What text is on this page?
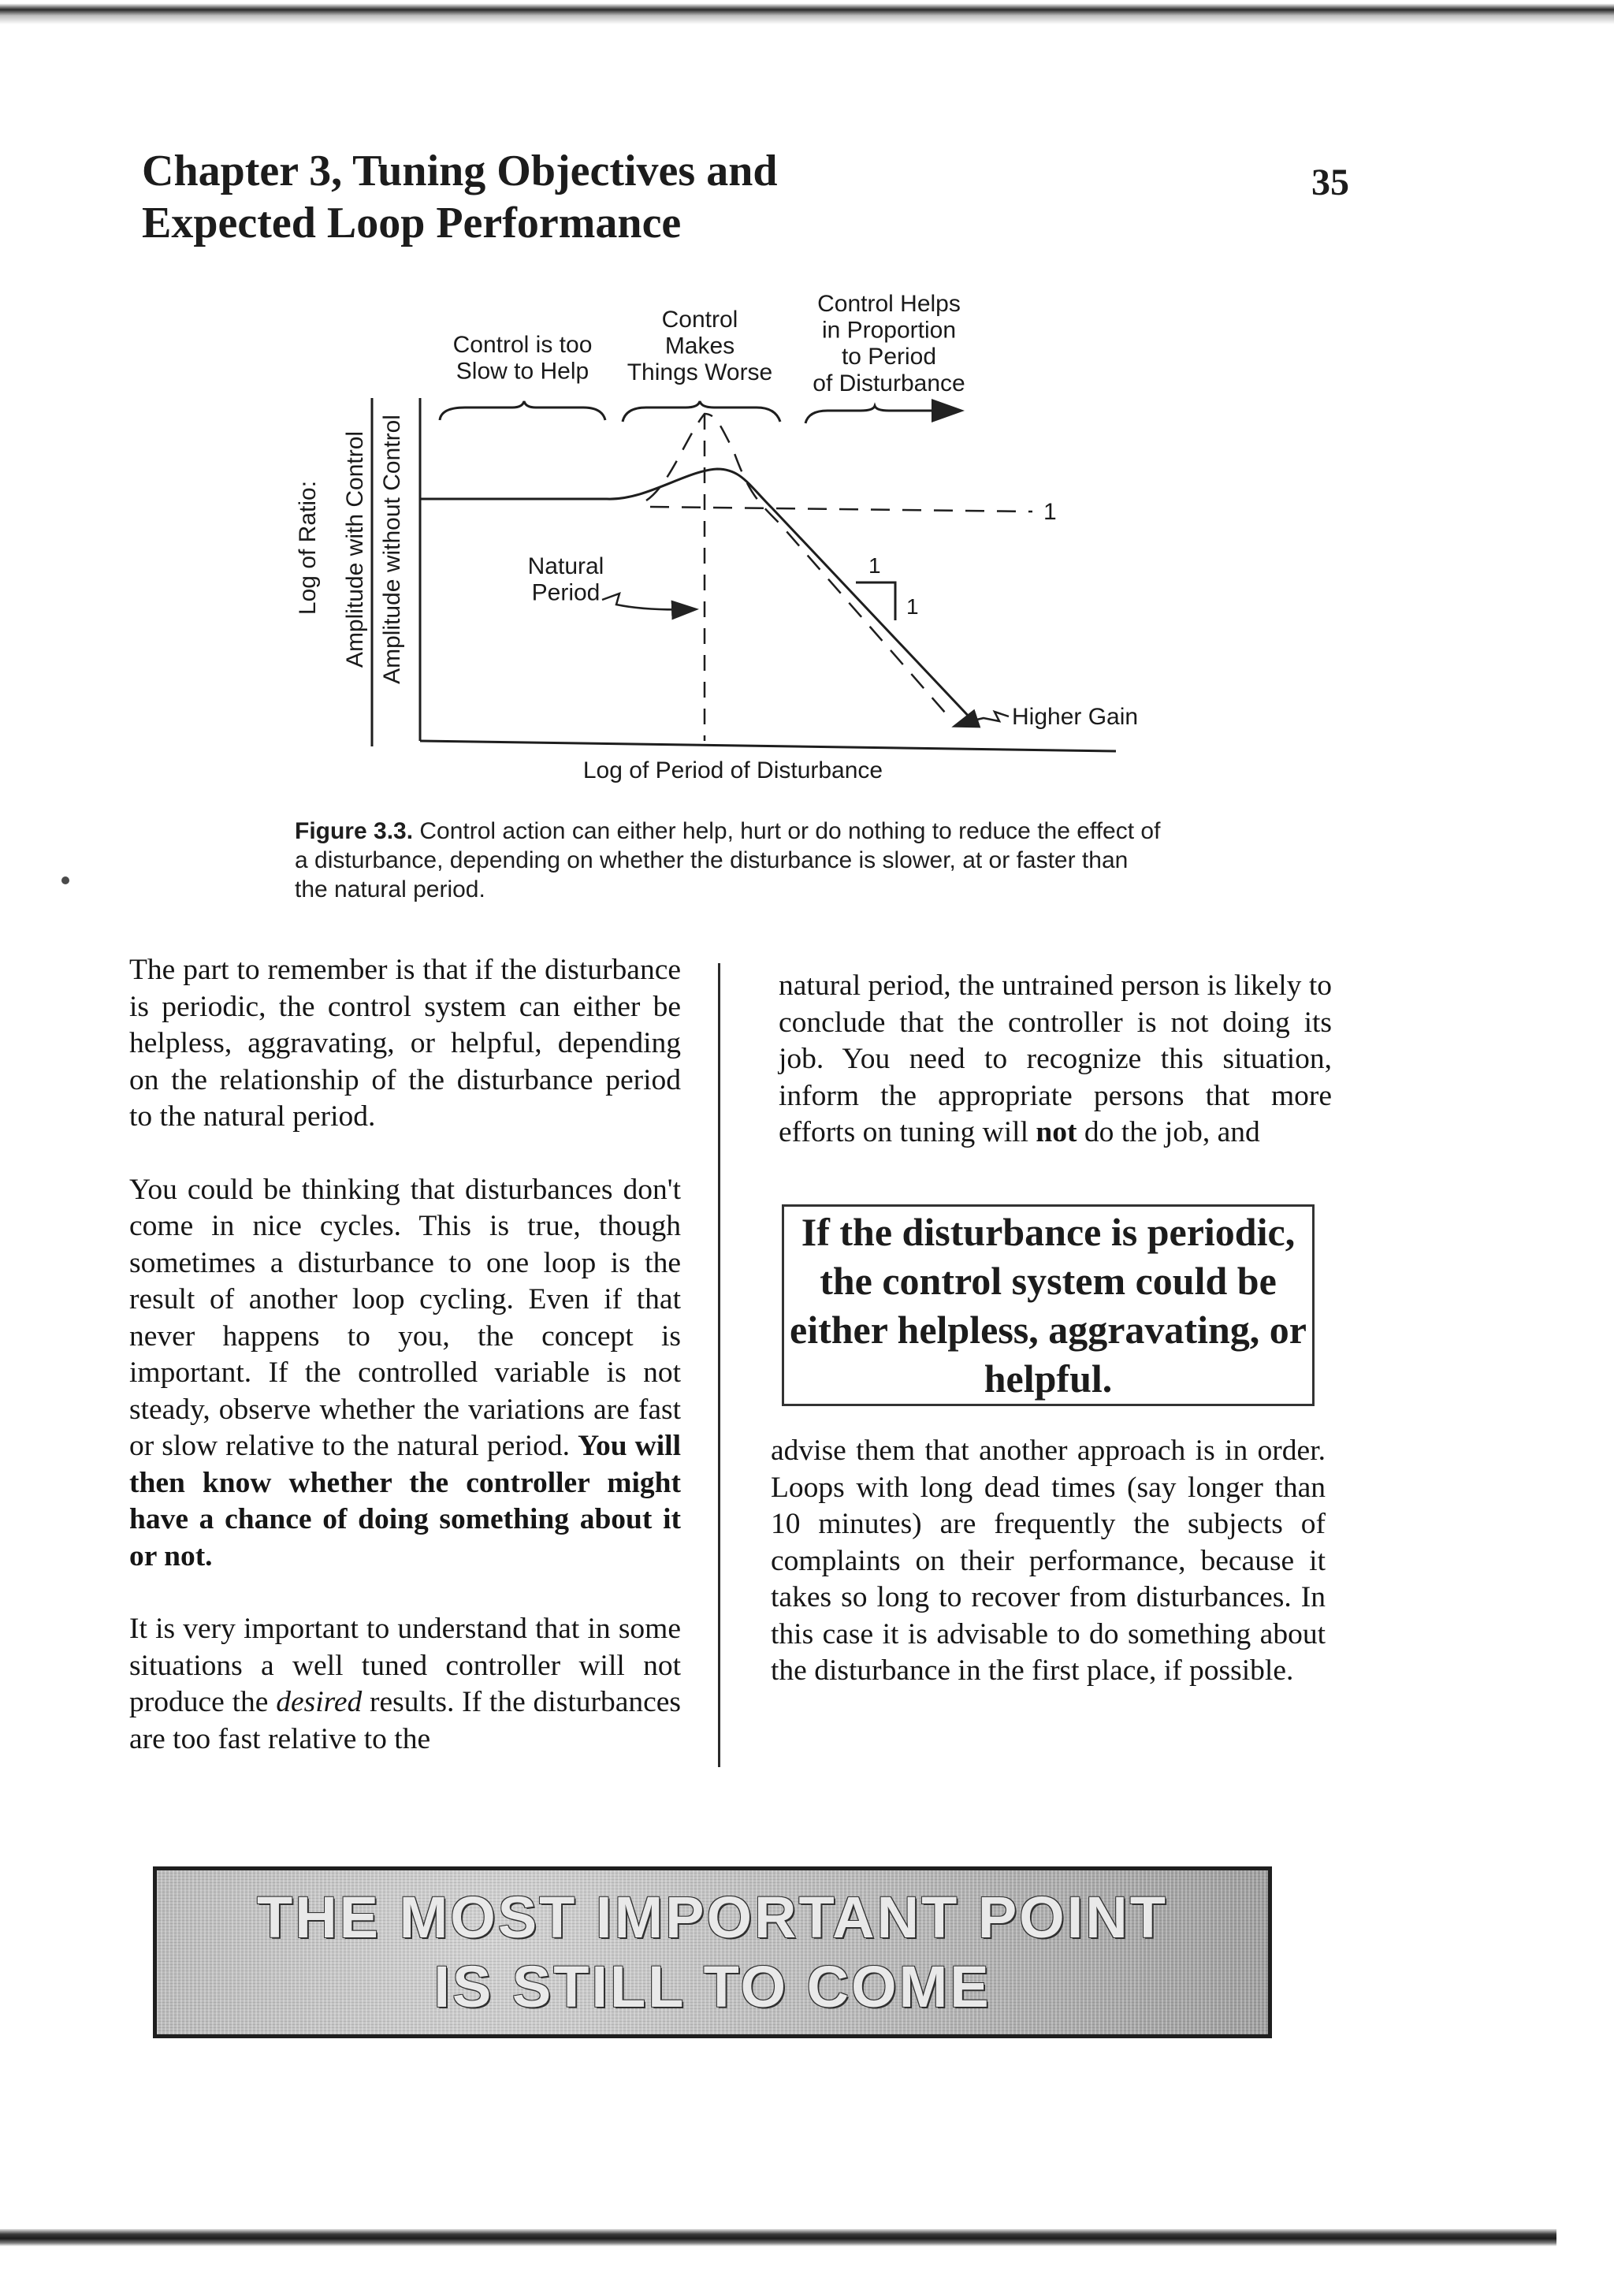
Chapter 3, Tuning Objectives and
Expected Loop Performance
35
Control is too Slow to Help
Control Makes Things Worse
Control Helps in Proportion to Period of Disturbance
Log of Ratio: Amplitude with Control Amplitude without Control
Log of Period of Disturbance
1
1
1
Natural Period
Higher Gain
Figure 3.3. Control action can either help, hurt or do nothing to reduce the effect of a disturbance, depending on whether the disturbance is slower, at or faster than the natural period.

The part to remember is that if the disturbance is periodic, the control system can either be helpless, aggravating, or helpful, depending on the relationship of the disturbance period to the natural period.

You could be thinking that disturbances don't come in nice cycles. This is true, though sometimes a disturbance to one loop is the result of another loop cycling. Even if that never happens to you, the concept is important. If the controlled variable is not steady, observe whether the variations are fast or slow relative to the natural period. You will then know whether the controller might have a chance of doing something about it or not.

It is very important to understand that in some situations a well tuned controller will not produce the desired results. If the disturbances are too fast relative to the

natural period, the untrained person is likely to conclude that the controller is not doing its job. You need to recognize this situation, inform the appropriate persons that more efforts on tuning will not do the job, and

If the disturbance is periodic, the control system could be either helpless, aggravating, or helpful.

advise them that another approach is in order. Loops with long dead times (say longer than 10 minutes) are frequently the subjects of complaints on their performance, because it takes so long to recover from disturbances. In this case it is advisable to do something about the disturbance in the first place, if possible.

THE MOST IMPORTANT POINT
IS STILL TO COME
